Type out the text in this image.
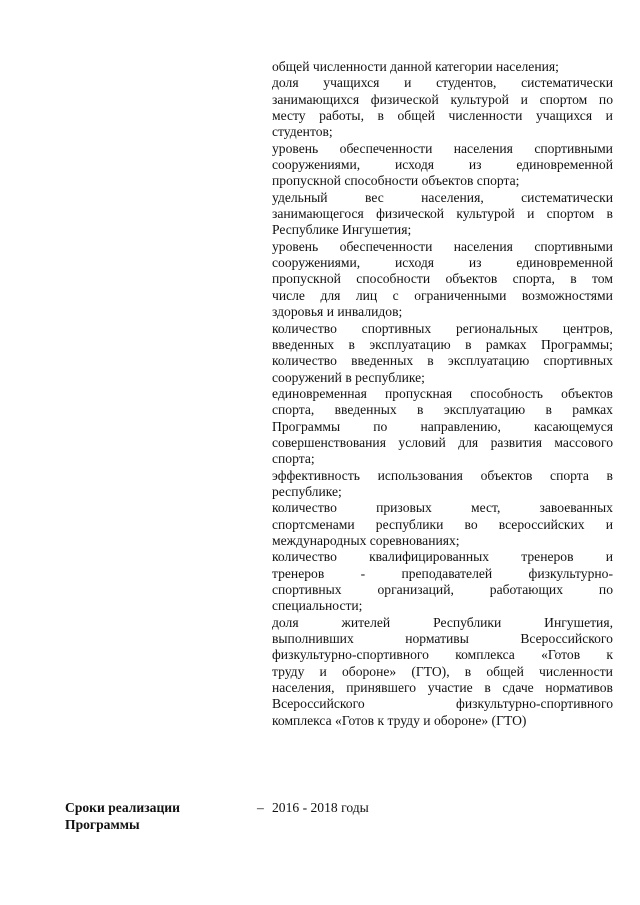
общей численности данной категории населения;
доля учащихся и студентов, систематически
занимающихся физической культурой и спортом по
месту работы, в общей численности учащихся и
студентов;
уровень обеспеченности населения спортивными
сооружениями,	исходя	из	единовременной
пропускной способности объектов спорта;
удельный	вес	населения,	систематически
занимающегося физической культурой и спортом в
Республике Ингушетия;
уровень обеспеченности населения спортивными
сооружениями,	исходя	из	единовременной
пропускной способности объектов спорта, в том
числе для лиц с ограниченными возможностями
здоровья и инвалидов;
количество спортивных региональных центров,
введенных в эксплуатацию в рамках Программы;
количество введенных в эксплуатацию спортивных
сооружений в республике;
единовременная пропускная способность объектов
спорта, введенных в эксплуатацию в рамках
Программы по направлению, касающемуся
совершенствования условий для развития массового
спорта;
эффективность использования объектов спорта в
республике;
количество	призовых	мест,	завоеванных
спортсменами республики во всероссийских и
международных соревнованиях;
количество квалифицированных тренеров и
тренеров	-	преподавателей	физкультурно-
спортивных	организаций,	работающих	по
специальности;
доля	жителей	Республики	Ингушетия,
выполнивших	нормативы	Всероссийского
физкультурно-спортивного комплекса «Готов к
труду и обороне» (ГТО), в общей численности
населения, принявшего участие в сдаче нормативов
Всероссийского	физкультурно-спортивного
комплекса «Готов к труду и обороне» (ГТО)
Сроки реализации
Программы
– 2016 - 2018 годы
